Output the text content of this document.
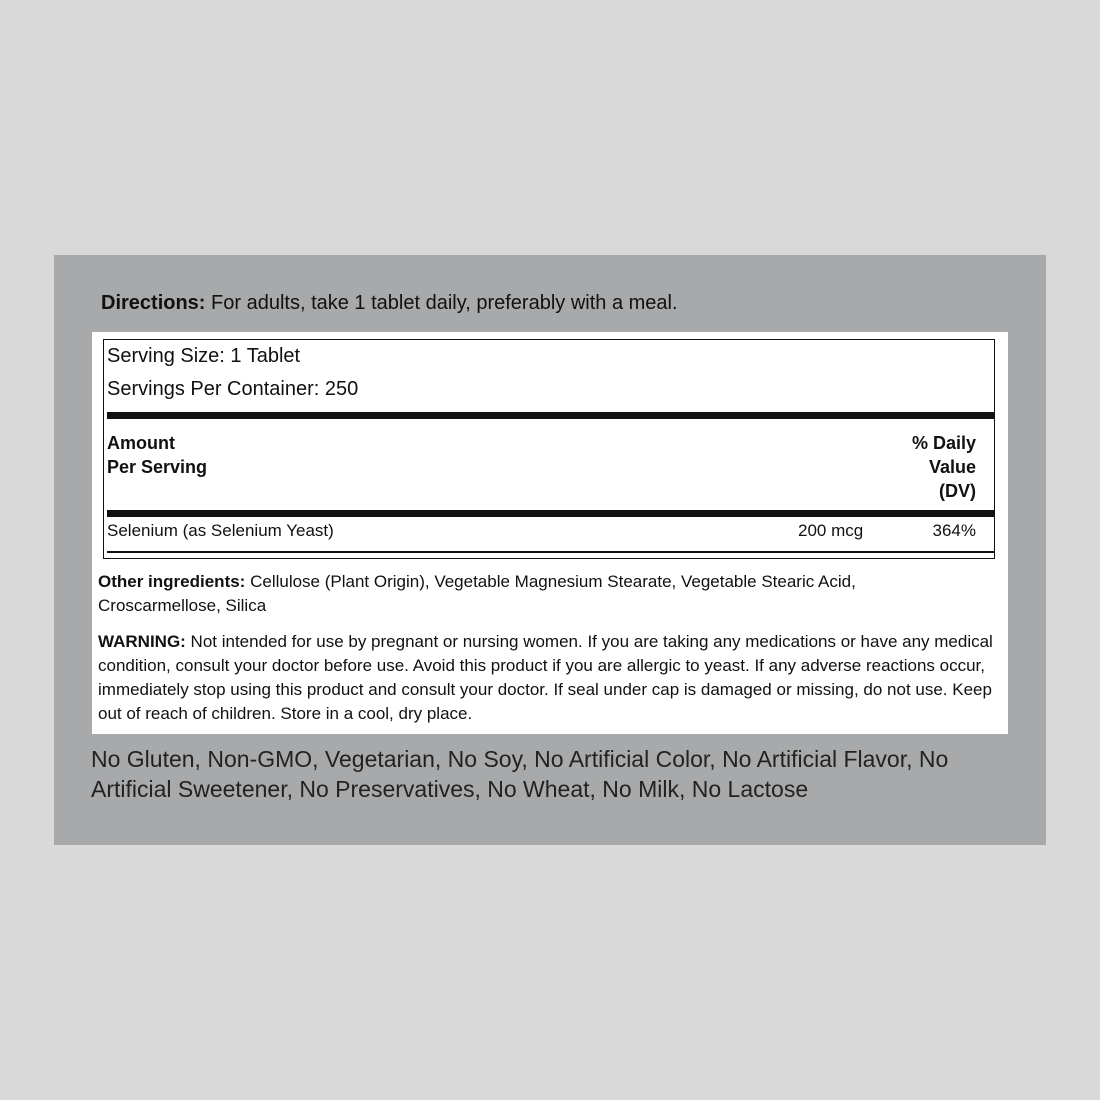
Directions: For adults, take 1 tablet daily, preferably with a meal.
Serving Size: 1 Tablet
Servings Per Container: 250
Amount
Per Serving
% Daily
Value
(DV)
Selenium (as Selenium Yeast)	200 mcg	364%
Other ingredients: Cellulose (Plant Origin), Vegetable Magnesium Stearate, Vegetable Stearic Acid, Croscarmellose, Silica
WARNING: Not intended for use by pregnant or nursing women. If you are taking any medications or have any medical condition, consult your doctor before use. Avoid this product if you are allergic to yeast. If any adverse reactions occur, immediately stop using this product and consult your doctor. If seal under cap is damaged or missing, do not use. Keep out of reach of children. Store in a cool, dry place.
No Gluten, Non-GMO, Vegetarian, No Soy, No Artificial Color, No Artificial Flavor, No Artificial Sweetener, No Preservatives, No Wheat, No Milk, No Lactose
